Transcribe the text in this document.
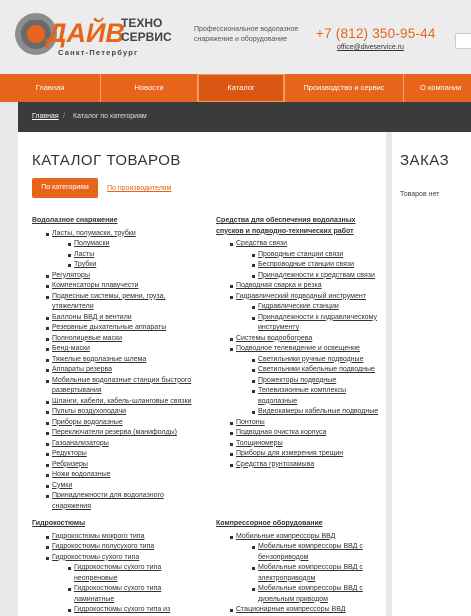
ДАЙВ
ТЕХНО
СЕРВИС
Санкт-Петербург
Профессиональное водолазное снаряжение и оборудование	+7 (812) 350-95-44
office@diveservice.ru
Главная	Новости	Каталог	Производство и сервис	О компании
Главная / Каталог по категориям
КАТАЛОГ ТОВАРОВ
По категориям	По производителям
Водолазное снаряжение
Ласты, полумаски, трубки
Полумаски
Ласты
Трубки
Регуляторы
Компенсаторы плавучести
Подвесные системы, ремни, груза,
утяжелители
Баллоны ВВД и вентили
Резервные дыхательные аппараты
Полнолицевые маски
Бенд-маски
Тяжелые водолазные шлема
Аппараты резерва
Мобильные водолазные станции быстрого
развертывания
Шланги, кабели, кабель-шланговые связки
Пульты воздухоподачи
Приборы водолазные
Переключатели резерва (манифолды)
Газоанализаторы
Редукторы
Ребризеры
Ножи водолазные
Сумки
Принадлежности для водолазного
снаряжения
Гидрокостюмы
Гидрокостюмы мокрого типа
Гидрокостюмы полусухого типа
Гидрокостюмы сухого типа
Гидрокостюмы сухого типа
неопреновые
Гидрокостюмы сухого типа
ламинатные
Гидрокостюмы сухого типа из
Средства для обеспечения водолазных
спусков и подводно-технических работ
Средства связи
Проводные станции связи
Беспроводные станции связи
Принадлежности к средствам связи
Подводная сварка и резка
Гидравлический подводный инструмент
Гидравлические станции
Принадлежности к гидравлическому
инструменту
Системы водообогрева
Подводное телевидение и освещение
Светильники ручные подводные
Светильники кабельные подводные
Прожекторы подводные
Телевизионные комплексы
водолазные
Видеокамеры кабельные подводные
Понтоны
Подводная очистка корпуса
Толщиномеры
Приборы для измерения трещин
Средства грунтозамыва
Компрессорное оборудование
Мобильные компрессоры ВВД
Мобильные компрессоры ВВД с
бензоприводом
Мобильные компрессоры ВВД с
электроприводом
Мобильные компрессоры ВВД с
дизельным приводом
Стационарные компрессоры ВВД
ЗАКАЗ
Товаров нет
